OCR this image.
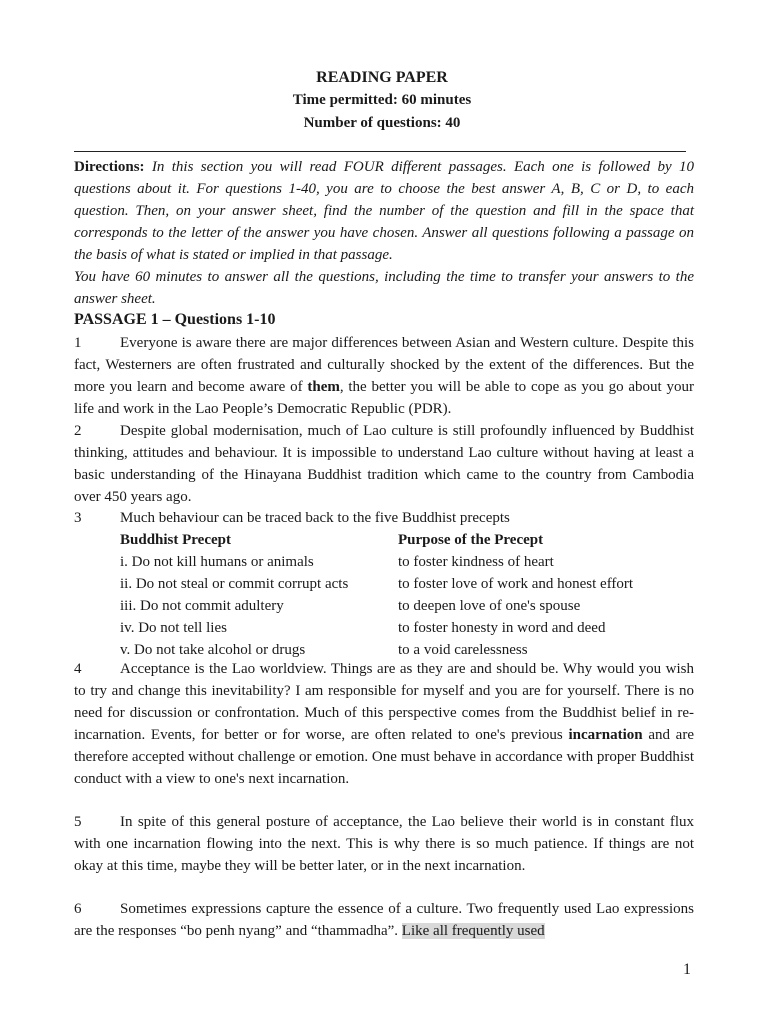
READING PAPER
Time permitted: 60 minutes
Number of questions: 40

Directions: In this section you will read FOUR different passages. Each one is followed by 10 questions about it. For questions 1-40, you are to choose the best answer A, B, C or D, to each question. Then, on your answer sheet, find the number of the question and fill in the space that corresponds to the letter of the answer you have chosen. Answer all questions following a passage on the basis of what is stated or implied in that passage.

You have 60 minutes to answer all the questions, including the time to transfer your answers to the answer sheet.

PASSAGE 1 – Questions 1-10

1	Everyone is aware there are major differences between Asian and Western culture. Despite this fact, Westerners are often frustrated and culturally shocked by the extent of the differences. But the more you learn and become aware of them, the better you will be able to cope as you go about your life and work in the Lao People’s Democratic Republic (PDR).

2	Despite global modernisation, much of Lao culture is still profoundly influenced by Buddhist thinking, attitudes and behaviour. It is impossible to understand Lao culture without having at least a basic understanding of the Hinayana Buddhist tradition which came to the country from Cambodia over 450 years ago.

3	Much behaviour can be traced back to the five Buddhist precepts

Buddhist Precept	Purpose of the Precept
i. Do not kill humans or animals	to foster kindness of heart
ii. Do not steal or commit corrupt acts	to foster love of work and honest effort
iii. Do not commit adultery	to deepen love of one's spouse
iv. Do not tell lies	to foster honesty in word and deed
v. Do not take alcohol or drugs	to a void carelessness

4	Acceptance is the Lao worldview. Things are as they are and should be. Why would you wish to try and change this inevitability? I am responsible for myself and you are for yourself. There is no need for discussion or confrontation. Much of this perspective comes from the Buddhist belief in re-incarnation. Events, for better or for worse, are often related to one's previous incarnation and are therefore accepted without challenge or emotion. One must behave in accordance with proper Buddhist conduct with a view to one's next incarnation.

5	In spite of this general posture of acceptance, the Lao believe their world is in constant flux with one incarnation flowing into the next. This is why there is so much patience. If things are not okay at this time, maybe they will be better later, or in the next incarnation.

6	Sometimes expressions capture the essence of a culture. Two frequently used Lao expressions are the responses “bo penh nyang” and “thammadha”. Like all frequently used

1
